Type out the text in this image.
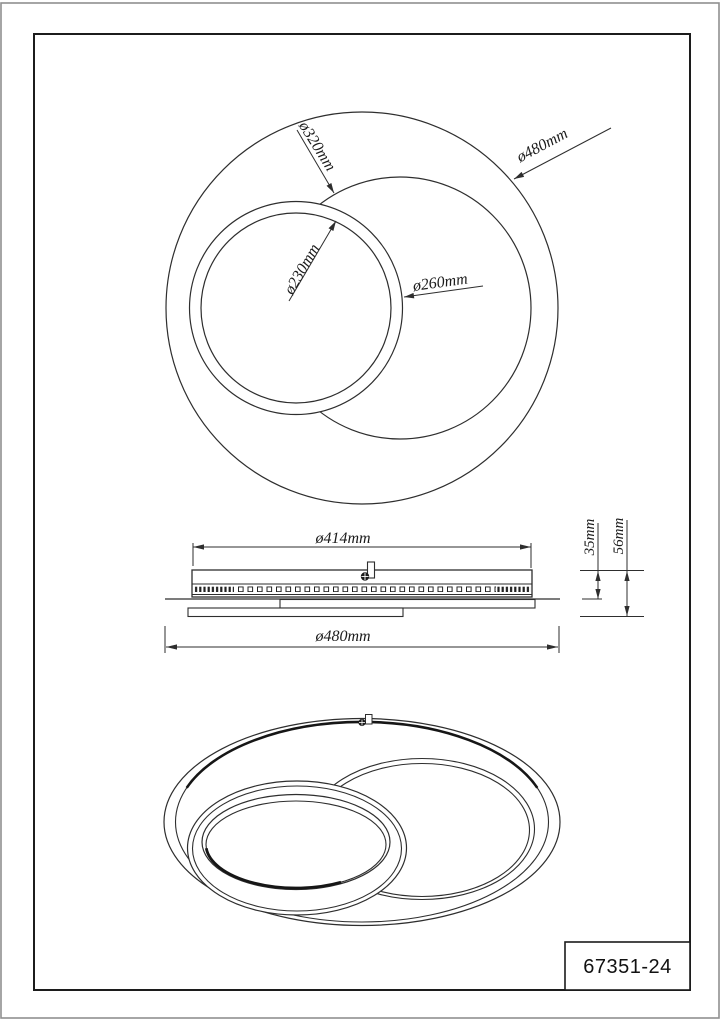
ø320mm	ø480mm
ø230mm	ø260mm
ø414mm
ø480mm
35mm 56mm
67351-24
